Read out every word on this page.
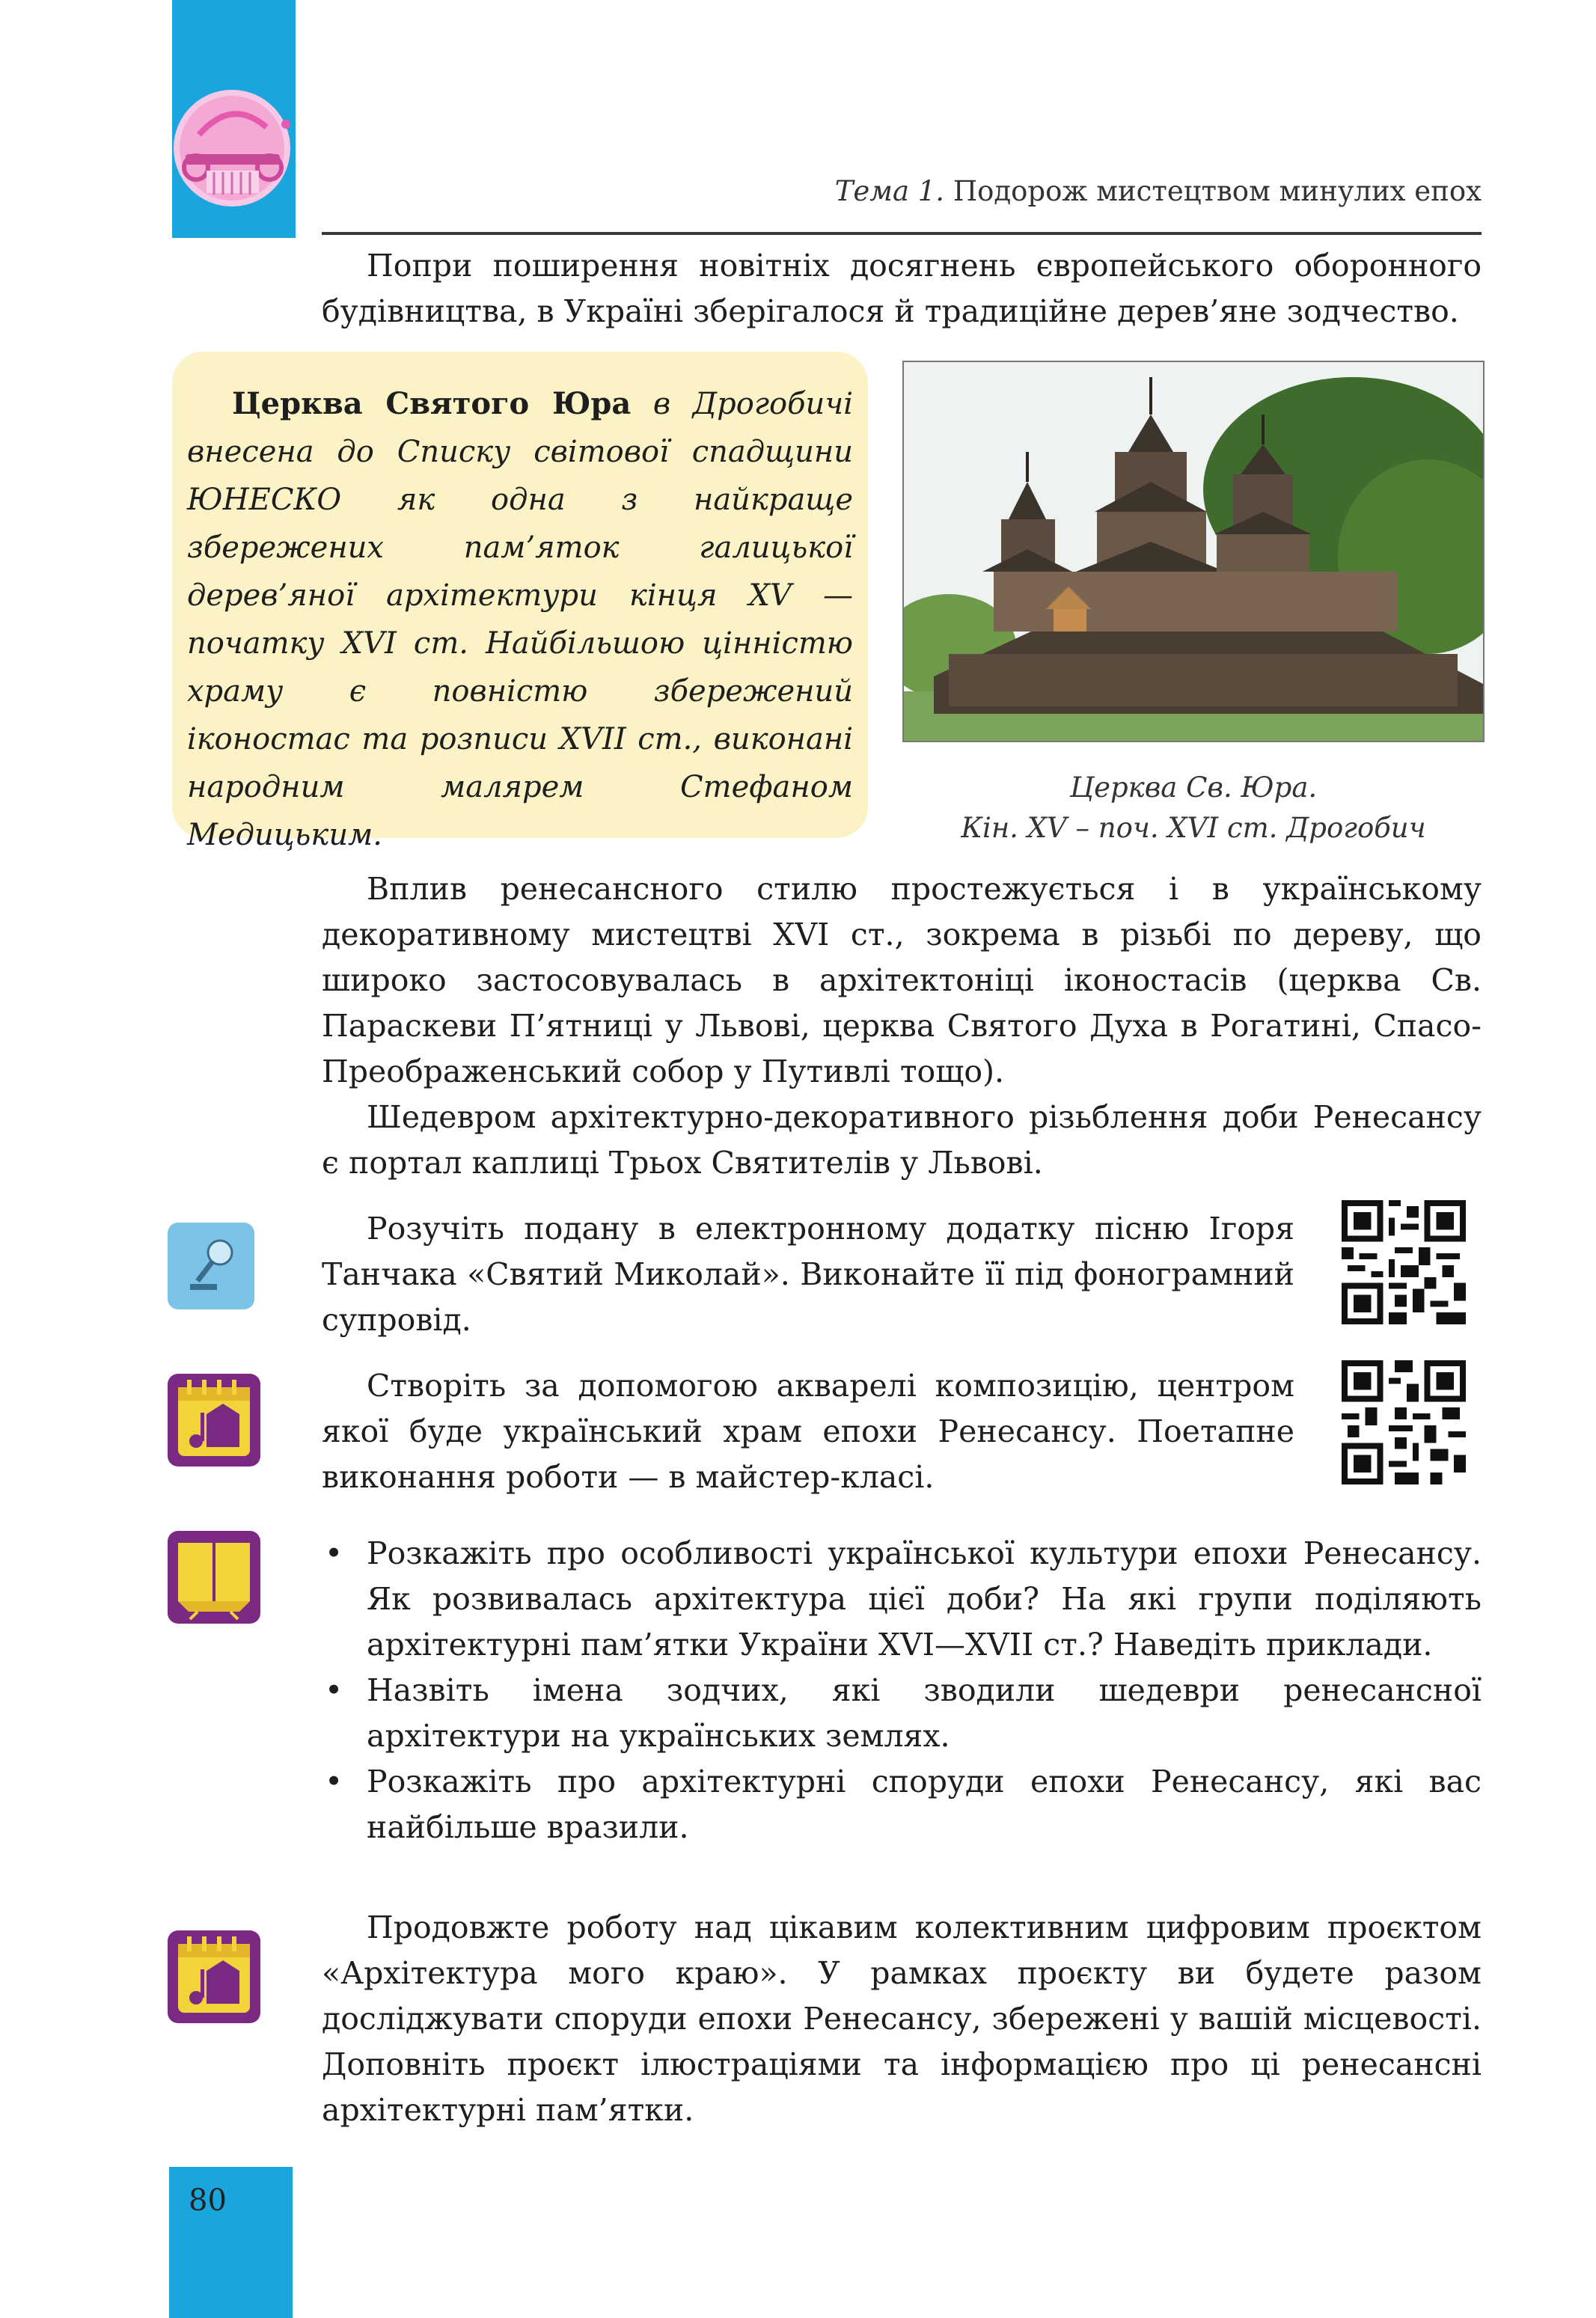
Тема 1. Подорож мистецтвом минулих епох

Попри поширення новітніх досягнень європейського оборонного будівництва, в Україні зберігалося й традиційне дерев’яне зодчество.

Церква Святого Юра в Дрогобичі внесена до Списку світової спадщини ЮНЕСКО як одна з найкраще збережених пам’яток галицької дерев’яної архітектури кінця XV — початку XVI ст. Найбільшою цінністю храму є повністю збережений іконостас та розписи XVII ст., виконані народним малярем Стефаном Медицьким.
Церква Св. Юра.
Кін. XV – поч. XVI ст. Дрогобич

Вплив ренесансного стилю простежується і в українському декоративному мистецтві XVI ст., зокрема в різьбі по дереву, що широко застосовувалась в архітектоніці іконостасів (церква Св. Параскеви П’ятниці у Львові, церква Святого Духа в Рогатині, Спасо-Преображенський собор у Путивлі тощо).

Шедевром архітектурно-декоративного різьблення доби Ренесансу є портал каплиці Трьох Святителів у Львові.

Розучіть подану в електронному додатку пісню Ігоря Танчака «Святий Миколай». Виконайте її під фонограмний супровід.

Створіть за допомогою акварелі композицію, центром якої буде український храм епохи Ренесансу. Поетапне виконання роботи — в майстер-класі.

• Розкажіть про особливості української культури епохи Ренесансу. Як розвивалась архітектура цієї доби? На які групи поділяють архітектурні пам’ятки України XVI—XVII ст.? Наведіть приклади.
• Назвіть імена зодчих, які зводили шедеври ренесансної архітектури на українських землях.
• Розкажіть про архітектурні споруди епохи Ренесансу, які вас найбільше вразили.

Продовжте роботу над цікавим колективним цифровим проєктом «Архітектура мого краю». У рамках проєкту ви будете разом досліджувати споруди епохи Ренесансу, збережені у вашій місцевості. Доповніть проєкт ілюстраціями та інформацією про ці ренесансні архітектурні пам’ятки.

80
